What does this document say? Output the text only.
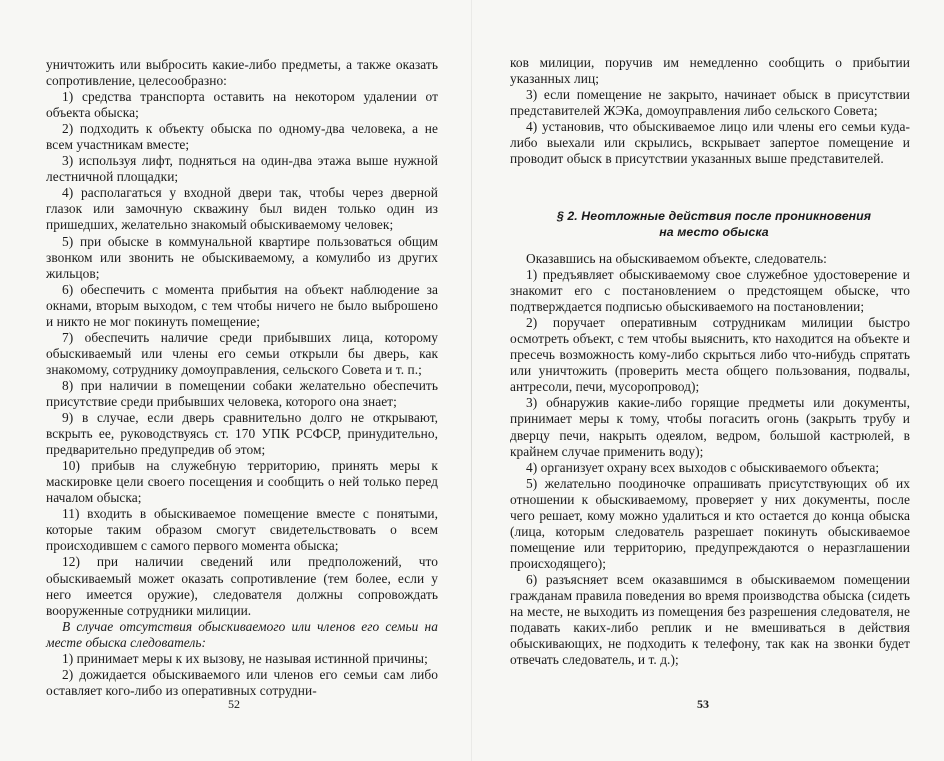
уничтожить или выбросить какие-либо предметы, а также оказать сопротивление, целесообразно:

1) средства транспорта оставить на некотором удалении от объекта обыска;

2) подходить к объекту обыска по одному-два человека, а не всем участникам вместе;

3) используя лифт, подняться на один-два этажа выше нужной лестничной площадки;

4) располагаться у входной двери так, чтобы через дверной глазок или замочную скважину был виден только один из пришедших, желательно знакомый обыскиваемому человек;

5) при обыске в коммунальной квартире пользоваться общим звонком или звонить не обыскиваемому, а комулибо из других жильцов;

6) обеспечить с момента прибытия на объект наблюдение за окнами, вторым выходом, с тем чтобы ничего не было выброшено и никто не мог покинуть помещение;

7) обеспечить наличие среди прибывших лица, которому обыскиваемый или члены его семьи открыли бы дверь, как знакомому, сотруднику домоуправления, сельского Совета и т. п.;

8) при наличии в помещении собаки желательно обеспечить присутствие среди прибывших человека, которого она знает;

9) в случае, если дверь сравнительно долго не открывают, вскрыть ее, руководствуясь ст. 170 УПК РСФСР, принудительно, предварительно предупредив об этом;

10) прибыв на служебную территорию, принять меры к маскировке цели своего посещения и сообщить о ней только перед началом обыска;

11) входить в обыскиваемое помещение вместе с понятыми, которые таким образом смогут свидетельствовать о всем происходившем с самого первого момента обыска;

12) при наличии сведений или предположений, что обыскиваемый может оказать сопротивление (тем более, если у него имеется оружие), следователя должны сопровождать вооруженные сотрудники милиции.

В случае отсутствия обыскиваемого или членов его семьи на месте обыска следователь:

1) принимает меры к их вызову, не называя истинной причины;

2) дожидается обыскиваемого или членов его семьи сам либо оставляет кого-либо из оперативных сотрудни-

52

ков милиции, поручив им немедленно сообщить о прибытии указанных лиц;

3) если помещение не закрыто, начинает обыск в присутствии представителей ЖЭКа, домоуправления либо сельского Совета;

4) установив, что обыскиваемое лицо или члены его семьи куда-либо выехали или скрылись, вскрывает запертое помещение и проводит обыск в присутствии указанных выше представителей.

§ 2. Неотложные действия после проникновения
на место обыска

Оказавшись на обыскиваемом объекте, следователь:

1) предъявляет обыскиваемому свое служебное удостоверение и знакомит его с постановлением о предстоящем обыске, что подтверждается подписью обыскиваемого на постановлении;

2) поручает оперативным сотрудникам милиции быстро осмотреть объект, с тем чтобы выяснить, кто находится на объекте и пресечь возможность кому-либо скрыться либо что-нибудь спрятать или уничтожить (проверить места общего пользования, подвалы, антресоли, печи, мусоропровод);

3) обнаружив какие-либо горящие предметы или документы, принимает меры к тому, чтобы погасить огонь (закрыть трубу и дверцу печи, накрыть одеялом, ведром, большой кастрюлей, в крайнем случае применить воду);

4) организует охрану всех выходов с обыскиваемого объекта;

5) желательно поодиночке опрашивать присутствующих об их отношении к обыскиваемому, проверяет у них документы, после чего решает, кому можно удалиться и кто остается до конца обыска (лица, которым следователь разрешает покинуть обыскиваемое помещение или территорию, предупреждаются о неразглашении происходящего);

6) разъясняет всем оказавшимся в обыскиваемом помещении гражданам правила поведения во время производства обыска (сидеть на месте, не выходить из помещения без разрешения следователя, не подавать каких-либо реплик и не вмешиваться в действия обыскивающих, не подходить к телефону, так как на звонки будет отвечать следователь, и т. д.);

53
